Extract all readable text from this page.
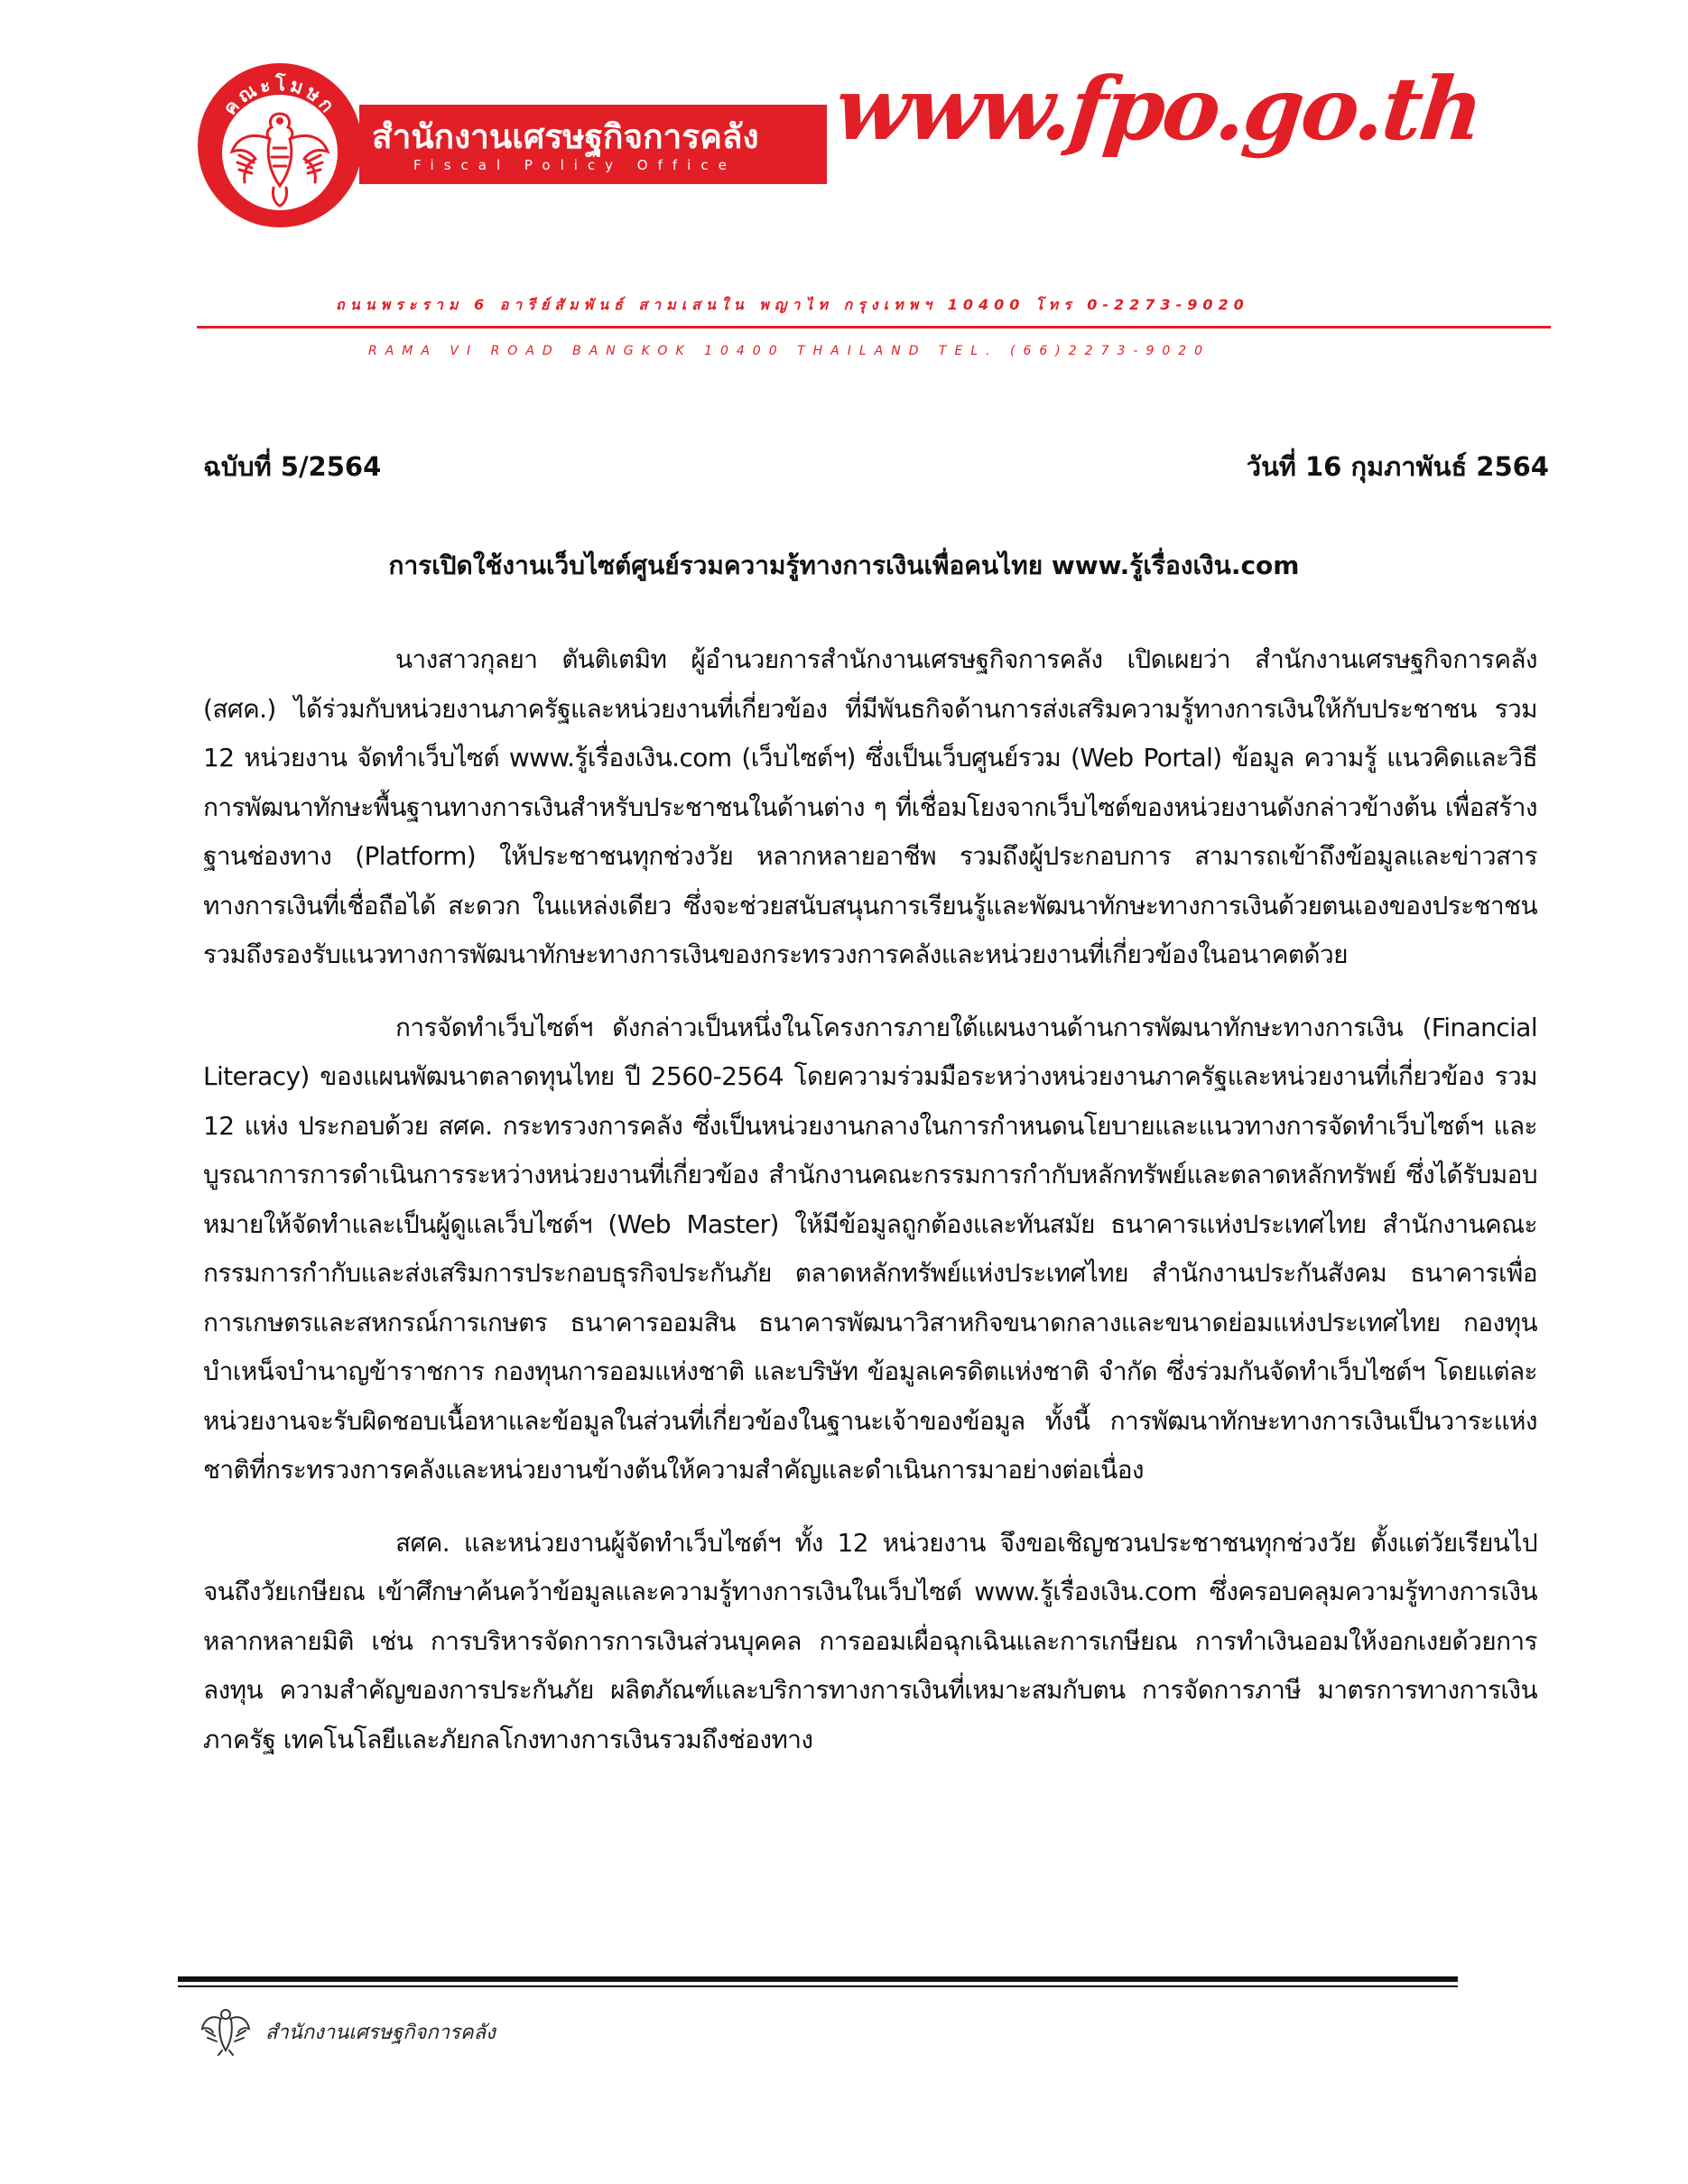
คณะโมษก
สำนักงานเศรษฐกิจการคลัง
Fiscal Policy Office
www.fpo.go.th
ถนนพระราม 6 อารีย์สัมพันธ์ สามเสนใน พญาไท กรุงเทพฯ 10400 โทร 0-2273-9020
RAMA VI ROAD BANGKOK 10400 THAILAND TEL. (66)2273-9020
ฉบับที่ 5/2564	วันที่ 16 กุมภาพันธ์ 2564
การเปิดใช้งานเว็บไซต์ศูนย์รวมความรู้ทางการเงินเพื่อคนไทย www.รู้เรื่องเงิน.com

นางสาวกุลยา ตันติเตมิท ผู้อำนวยการสำนักงานเศรษฐกิจการคลัง เปิดเผยว่า สำนักงานเศรษฐกิจการคลัง (สศค.) ได้ร่วมกับหน่วยงานภาครัฐและหน่วยงานที่เกี่ยวข้อง ที่มีพันธกิจด้านการส่งเสริมความรู้ทางการเงินให้กับประชาชน รวม 12 หน่วยงาน จัดทำเว็บไซต์ www.รู้เรื่องเงิน.com (เว็บไซต์ฯ) ซึ่งเป็นเว็บศูนย์รวม (Web Portal) ข้อมูล ความรู้ แนวคิดและวิธีการพัฒนาทักษะพื้นฐานทางการเงินสำหรับประชาชนในด้านต่าง ๆ ที่เชื่อมโยงจากเว็บไซต์ของหน่วยงานดังกล่าวข้างต้น เพื่อสร้างฐานช่องทาง (Platform) ให้ประชาชนทุกช่วงวัย หลากหลายอาชีพ รวมถึงผู้ประกอบการ สามารถเข้าถึงข้อมูลและข่าวสารทางการเงินที่เชื่อถือได้ สะดวก ในแหล่งเดียว ซึ่งจะช่วยสนับสนุนการเรียนรู้และพัฒนาทักษะทางการเงินด้วยตนเองของประชาชน รวมถึงรองรับแนวทางการพัฒนาทักษะทางการเงินของกระทรวงการคลังและหน่วยงานที่เกี่ยวข้องในอนาคตด้วย

การจัดทำเว็บไซต์ฯ ดังกล่าวเป็นหนึ่งในโครงการภายใต้แผนงานด้านการพัฒนาทักษะทางการเงิน (Financial Literacy) ของแผนพัฒนาตลาดทุนไทย ปี 2560-2564 โดยความร่วมมือระหว่างหน่วยงานภาครัฐและหน่วยงานที่เกี่ยวข้อง รวม 12 แห่ง ประกอบด้วย สศค. กระทรวงการคลัง ซึ่งเป็นหน่วยงานกลางในการกำหนดนโยบายและแนวทางการจัดทำเว็บไซต์ฯ และบูรณาการการดำเนินการระหว่างหน่วยงานที่เกี่ยวข้อง สำนักงานคณะกรรมการกำกับหลักทรัพย์และตลาดหลักทรัพย์ ซึ่งได้รับมอบหมายให้จัดทำและเป็นผู้ดูแลเว็บไซต์ฯ (Web Master) ให้มีข้อมูลถูกต้องและทันสมัย ธนาคารแห่งประเทศไทย สำนักงานคณะกรรมการกำกับและส่งเสริมการประกอบธุรกิจประกันภัย ตลาดหลักทรัพย์แห่งประเทศไทย สำนักงานประกันสังคม ธนาคารเพื่อการเกษตรและสหกรณ์การเกษตร ธนาคารออมสิน ธนาคารพัฒนาวิสาหกิจขนาดกลางและขนาดย่อมแห่งประเทศไทย กองทุนบำเหน็จบำนาญข้าราชการ กองทุนการออมแห่งชาติ และบริษัท ข้อมูลเครดิตแห่งชาติ จำกัด ซึ่งร่วมกันจัดทำเว็บไซต์ฯ โดยแต่ละหน่วยงานจะรับผิดชอบเนื้อหาและข้อมูลในส่วนที่เกี่ยวข้องในฐานะเจ้าของข้อมูล ทั้งนี้ การพัฒนาทักษะทางการเงินเป็นวาระแห่งชาติที่กระทรวงการคลังและหน่วยงานข้างต้นให้ความสำคัญและดำเนินการมาอย่างต่อเนื่อง

สศค. และหน่วยงานผู้จัดทำเว็บไซต์ฯ ทั้ง 12 หน่วยงาน จึงขอเชิญชวนประชาชนทุกช่วงวัย ตั้งแต่วัยเรียนไปจนถึงวัยเกษียณ เข้าศึกษาค้นคว้าข้อมูลและความรู้ทางการเงินในเว็บไซต์ www.รู้เรื่องเงิน.com ซึ่งครอบคลุมความรู้ทางการเงินหลากหลายมิติ เช่น การบริหารจัดการการเงินส่วนบุคคล การออมเผื่อฉุกเฉินและการเกษียณ การทำเงินออมให้งอกเงยด้วยการลงทุน ความสำคัญของการประกันภัย ผลิตภัณฑ์และบริการทางการเงินที่เหมาะสมกับตน การจัดการภาษี มาตรการทางการเงินภาครัฐ เทคโนโลยีและภัยกลโกงทางการเงินรวมถึงช่องทาง

สำนักงานเศรษฐกิจการคลัง
